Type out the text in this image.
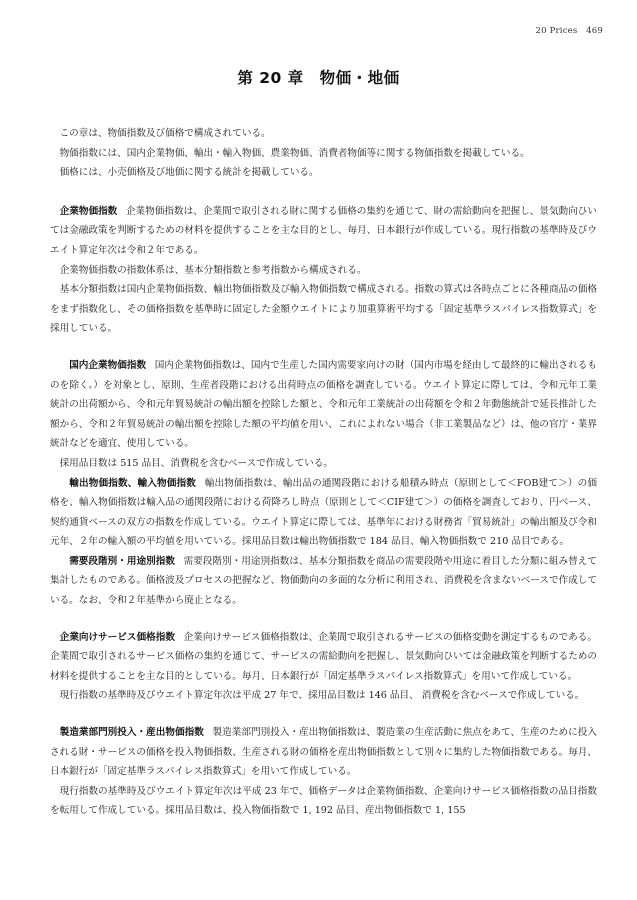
20 Prices　469
第 20 章　物価・地価

この章は、物価指数及び価格で構成されている。

物価指数には、国内企業物価、輸出・輸入物価、農業物価、消費者物価等に関する物価指数を掲載している。

価格には、小売価格及び地価に関する統計を掲載している。

企業物価指数 企業物価指数は、企業間で取引される財に関する価格の集約を通じて、財の需給動向を把握し、景気動向ひいては金融政策を判断するための材料を提供することを主な目的とし、毎月、日本銀行が作成している。現行指数の基準時及びウエイト算定年次は令和２年である。

企業物価指数の指数体系は、基本分類指数と参考指数から構成される。

基本分類指数は国内企業物価指数、輸出物価指数及び輸入物価指数で構成される。指数の算式は各時点ごとに各種商品の価格をまず指数化し、その価格指数を基準時に固定した金額ウエイトにより加重算術平均する「固定基準ラスパイレス指数算式」を採用している。

国内企業物価指数 国内企業物価指数は、国内で生産した国内需要家向けの財（国内市場を経由して最終的に輸出されるものを除く。）を対象とし、原則、生産者段階における出荷時点の価格を調査している。ウエイト算定に際しては、令和元年工業統計の出荷額から、令和元年貿易統計の輸出額を控除した額と、令和元年工業統計の出荷額を令和２年動態統計で延長推計した額から、令和２年貿易統計の輸出額を控除した額の平均値を用い、これによれない場合（非工業製品など）は、他の官庁・業界統計などを適宜、使用している。

採用品目数は 515 品目、消費税を含むベースで作成している。

輸出物価指数、輸入物価指数 輸出物価指数は、輸出品の通関段階における船積み時点（原則として＜FOB建て＞）の価格を、輸入物価指数は輸入品の通関段階における荷降ろし時点（原則として＜CIF建て＞）の価格を調査しており、円ベース、契約通貨ベースの双方の指数を作成している。ウエイト算定に際しては、基準年における財務省「貿易統計」の輸出額及び令和元年、２年の輸入額の平均値を用いている。採用品目数は輸出物価指数で 184 品目、輸入物価指数で 210 品目である。

需要段階別・用途別指数 需要段階別・用途別指数は、基本分類指数を商品の需要段階や用途に着目した分類に組み替えて集計したものである。価格波及プロセスの把握など、物価動向の多面的な分析に利用され、消費税を含まないベースで作成している。なお、令和２年基準から廃止となる。

企業向けサービス価格指数 企業向けサービス価格指数は、企業間で取引されるサービスの価格変動を測定するものである。企業間で取引されるサービス価格の集約を通じて、サービスの需給動向を把握し、景気動向ひいては金融政策を判断するための材料を提供することを主な目的としている。毎月、日本銀行が「固定基準ラスパイレス指数算式」を用いて作成している。

現行指数の基準時及びウエイト算定年次は平成 27 年で、採用品目数は 146 品目、 消費税を含むベースで作成している。

製造業部門別投入・産出物価指数 製造業部門別投入・産出物価指数は、製造業の生産活動に焦点をあて、生産のために投入される財・サービスの価格を投入物価指数、生産される財の価格を産出物価指数として別々に集約した物価指数である。毎月、日本銀行が「固定基準ラスパイレス指数算式」を用いて作成している。

現行指数の基準時及びウエイト算定年次は平成 23 年で、価格データは企業物価指数、企業向けサービス価格指数の品目指数を転用して作成している。採用品目数は、投入物価指数で 1, 192 品目、産出物価指数で 1, 155
